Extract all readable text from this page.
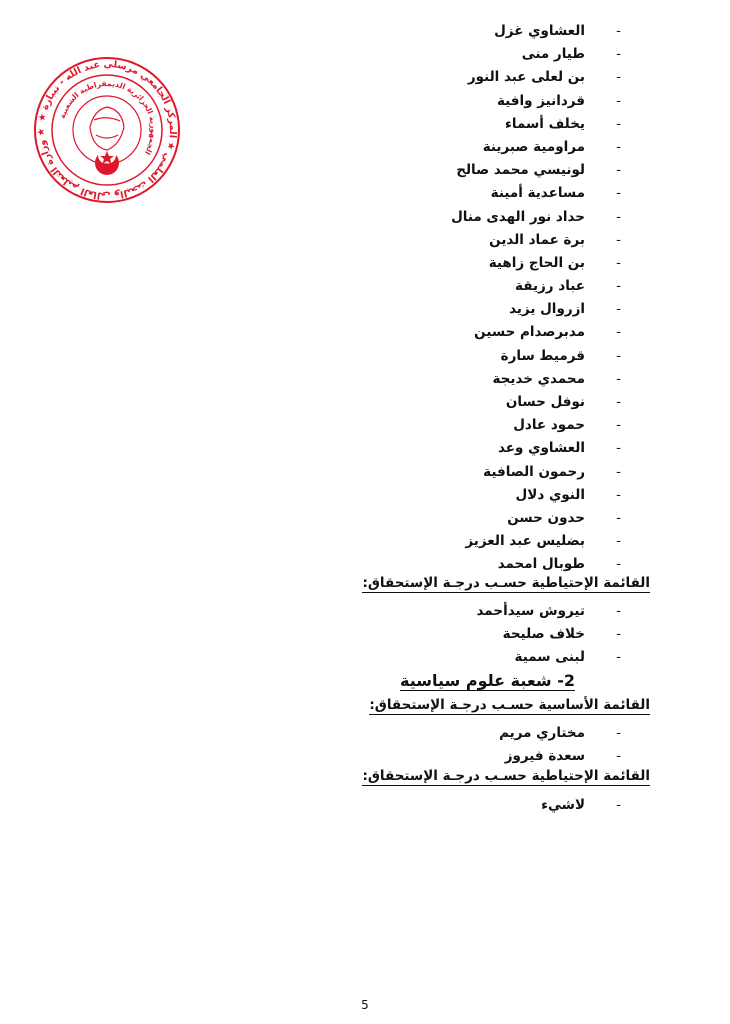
★ وزارة التعليم العالي والبحث العلمي ★ المركز الجامعي مرسلي عبد الله - تيبازة ★
الجمهورية الجزائرية الديمقراطية الشعبية
-
العشاوي غزل
-
طيار منى
-
بن لعلى عبد النور
-
قردانيز وافية
-
يخلف أسماء
-
مراومية صبرينة
-
لونيسي محمد صالح
-
مساعدية أمينة
-
حداد نور الهدى منال
-
برة عماد الدين
-
بن الحاج زاهية
-
عباد رزيقة
-
ازروال يزيد
-
مدبرصدام حسين
-
قرميط سارة
-
محمدي خديجة
-
نوفل حسان
-
حمود عادل
-
العشاوي وعد
-
رحمون الصافية
-
النوي دلال
-
حدون حسن
-
بضليس عبد العزيز
-
طوبال امحمد
القائمة الإحتياطية حسـب درجـة الإستحقاق:
-
تيروش سيدأحمد
-
خلاف صليحة
-
لبنى سمية
2- شعبة علوم سياسية
القائمة الأساسية حسـب درجـة الإستحقاق:
-
مختاري مريم
-
سعدة فيروز
القائمة الإحتياطية حسـب درجـة الإستحقاق:
-
لاشيء
5
